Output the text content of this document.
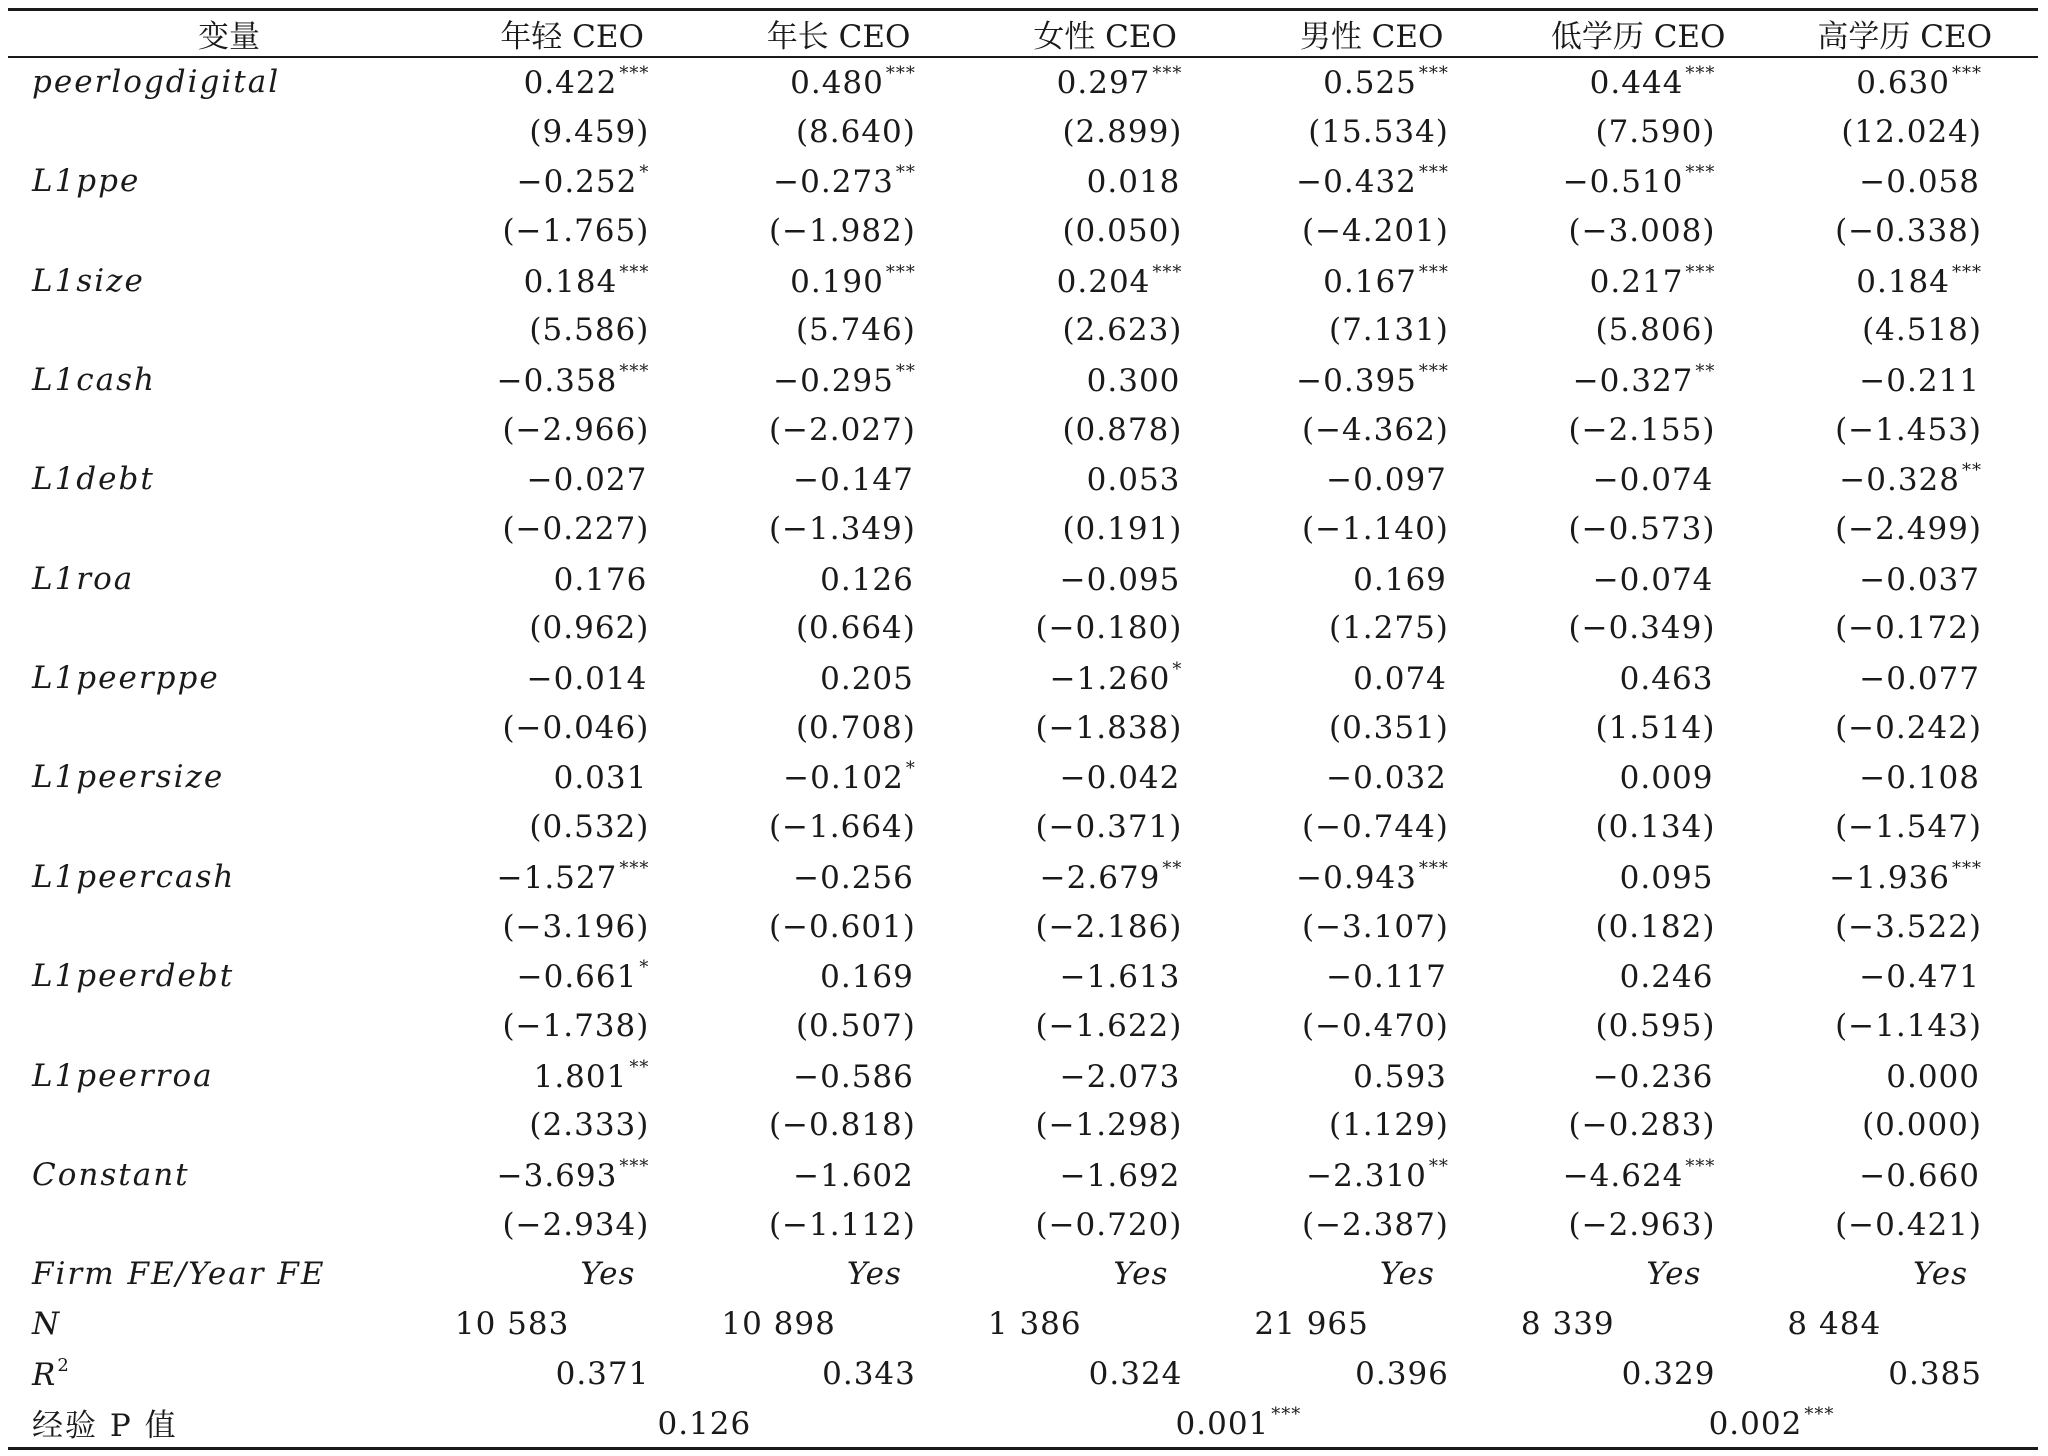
变量	年轻 CEO	年长 CEO	女性 CEO	男性 CEO	低学历 CEO	高学历 CEO
peerlogdigital	0.422 ***	0.480 ***	0.297 ***	0.525 ***	0.444 ***	0.630 ***
	(9.459)	(8.640)	(2.899)	(15.534)	(7.590)	(12.024)
L1ppe	−0.252 *	−0.273 **	0.018	−0.432 ***	−0.510 ***	−0.058
	(−1.765)	(−1.982)	(0.050)	(−4.201)	(−3.008)	(−0.338)
L1size	0.184 ***	0.190 ***	0.204 ***	0.167 ***	0.217 ***	0.184 ***
	(5.586)	(5.746)	(2.623)	(7.131)	(5.806)	(4.518)
L1cash	−0.358 ***	−0.295 **	0.300	−0.395 ***	−0.327 **	−0.211
	(−2.966)	(−2.027)	(0.878)	(−4.362)	(−2.155)	(−1.453)
L1debt	−0.027	−0.147	0.053	−0.097	−0.074	−0.328 **
	(−0.227)	(−1.349)	(0.191)	(−1.140)	(−0.573)	(−2.499)
L1roa	0.176	0.126	−0.095	0.169	−0.074	−0.037
	(0.962)	(0.664)	(−0.180)	(1.275)	(−0.349)	(−0.172)
L1peerppe	−0.014	0.205	−1.260 *	0.074	0.463	−0.077
	(−0.046)	(0.708)	(−1.838)	(0.351)	(1.514)	(−0.242)
L1peersize	0.031	−0.102 *	−0.042	−0.032	0.009	−0.108
	(0.532)	(−1.664)	(−0.371)	(−0.744)	(0.134)	(−1.547)
L1peercash	−1.527 ***	−0.256	−2.679 **	−0.943 ***	0.095	−1.936 ***
	(−3.196)	(−0.601)	(−2.186)	(−3.107)	(0.182)	(−3.522)
L1peerdebt	−0.661 *	0.169	−1.613	−0.117	0.246	−0.471
	(−1.738)	(0.507)	(−1.622)	(−0.470)	(0.595)	(−1.143)
L1peerroa	1.801 **	−0.586	−2.073	0.593	−0.236	0.000
	(2.333)	(−0.818)	(−1.298)	(1.129)	(−0.283)	(0.000)
Constant	−3.693 ***	−1.602	−1.692	−2.310 **	−4.624 ***	−0.660
	(−2.934)	(−1.112)	(−0.720)	(−2.387)	(−2.963)	(−0.421)
Firm FE/Year FE	Yes	Yes	Yes	Yes	Yes	Yes
N	10 583	10 898	1 386	21 965	8 339	8 484
$R^2$	0.371	0.343	0.324	0.396	0.329	0.385
经验 P 值	0.126		0.001 ***		0.002 ***
